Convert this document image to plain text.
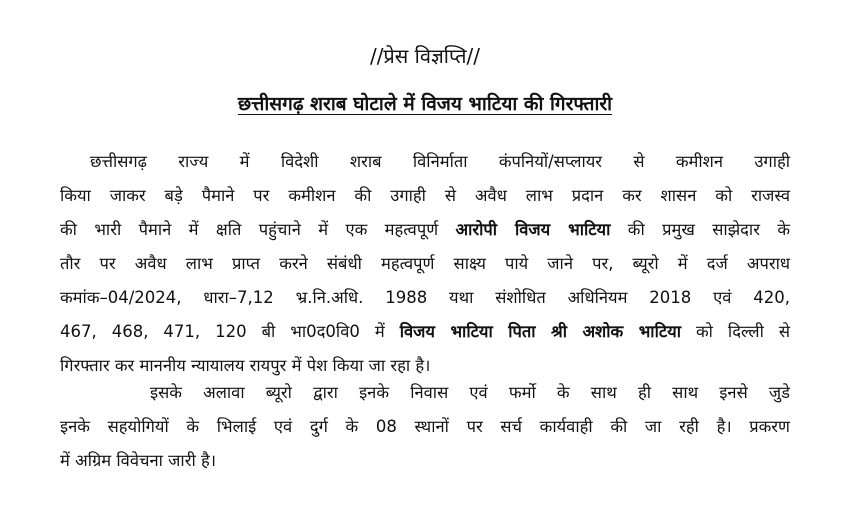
//प्रेस विज्ञप्ति//

छत्तीसगढ़ शराब घोटाले में विजय भाटिया की गिरफ्तारी

छत्तीसगढ़ राज्य में विदेशी शराब विनिर्माता कंपनियों/सप्लायर से कमीशन उगाही
किया जाकर बड़े पैमाने पर कमीशन की उगाही से अवैध लाभ प्रदान कर शासन को राजस्व
की भारी पैमाने में क्षति पहुंचाने में एक महत्वपूर्ण आरोपी विजय भाटिया की प्रमुख साझेदार के
तौर पर अवैध लाभ प्राप्त करने संबंधी महत्वपूर्ण साक्ष्य पाये जाने पर, ब्यूरो में दर्ज अपराध
कमांक–04/2024, धारा–7,12 भ्र.नि.अधि. 1988 यथा संशोधित अधिनियम 2018 एवं 420,
467, 468, 471, 120 बी भा0द0वि0 में विजय भाटिया पिता श्री अशोक भाटिया को दिल्ली से
गिरफ्तार कर माननीय न्यायालय रायपुर में पेश किया जा रहा है।
इसके अलावा ब्यूरो द्वारा इनके निवास एवं फर्मो के साथ ही साथ इनसे जुडे
इनके सहयोगियों के भिलाई एवं दुर्ग के 08 स्थानों पर सर्च कार्यवाही की जा रही है। प्रकरण
में अग्रिम विवेचना जारी है।
